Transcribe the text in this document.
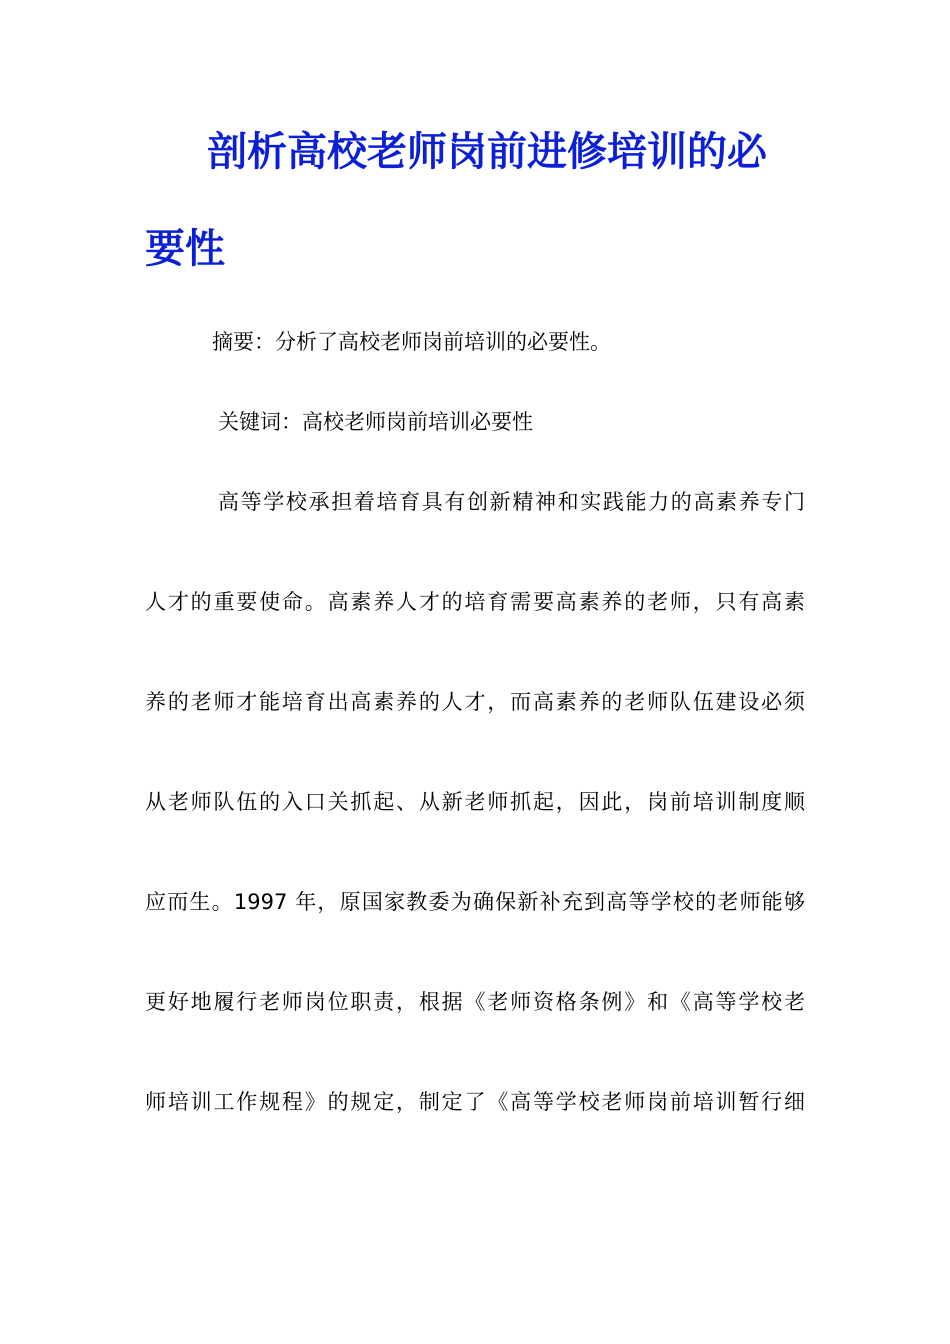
剖析高校老师岗前进修培训的必
要性
摘要：分析了高校老师岗前培训的必要性。
关键词：高校老师岗前培训必要性
高等学校承担着培育具有创新精神和实践能力的高素养专门
人才的重要使命。高素养人才的培育需要高素养的老师，只有高素
养的老师才能培育出高素养的人才，而高素养的老师队伍建设必须
从老师队伍的入口关抓起、从新老师抓起，因此，岗前培训制度顺
应而生。1997 年，原国家教委为确保新补充到高等学校的老师能够
更好地履行老师岗位职责，根据《老师资格条例》和《高等学校老
师培训工作规程》的规定，制定了《高等学校老师岗前培训暂行细
